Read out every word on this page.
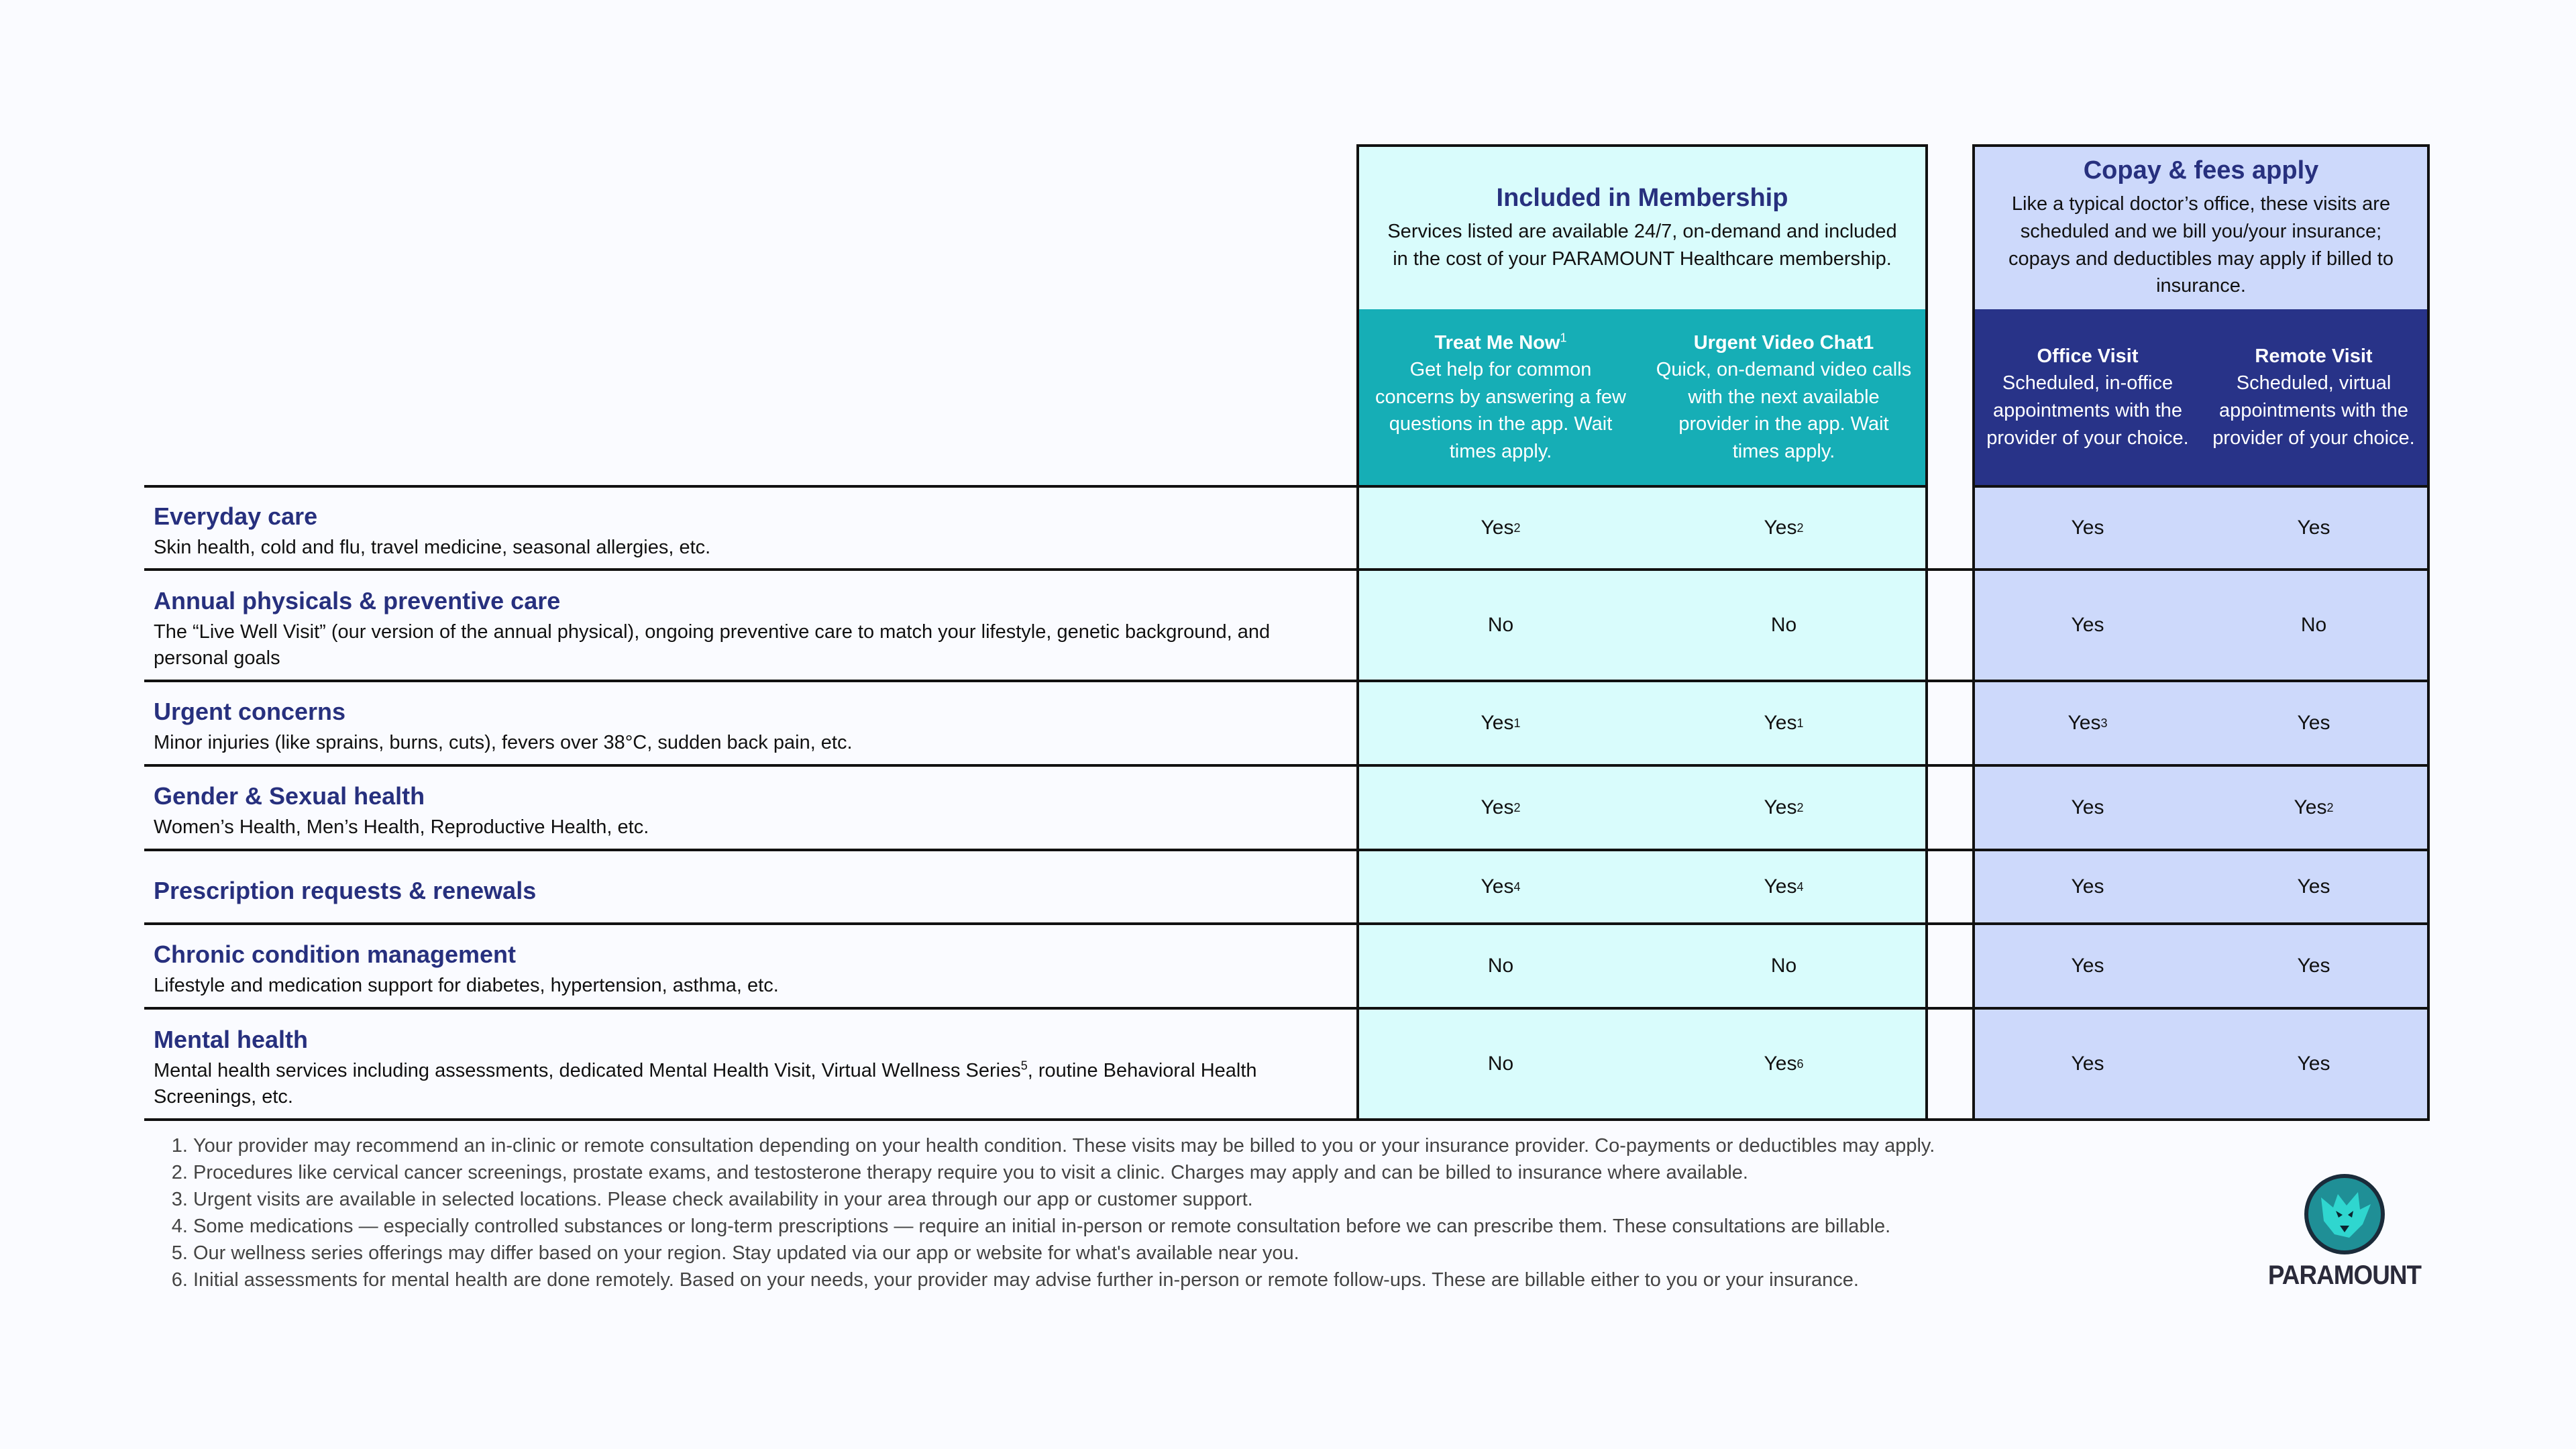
Included in Membership
Services listed are available 24/7, on-demand and included in the cost of your PARAMOUNT Healthcare membership.
Copay & fees apply
Like a typical doctor’s office, these visits are scheduled and we bill you/your insurance; copays and deductibles may apply if billed to insurance.
Treat Me Now$^1$
Get help for common concerns by answering a few questions in the app. Wait times apply.
Urgent Video Chat1
Quick, on-demand video calls with the next available provider in the app. Wait times apply.
Office Visit
Scheduled, in-office appointments with the provider of your choice.
Remote Visit
Scheduled, virtual appointments with the provider of your choice.
Everyday care
Skin health, cold and flu, travel medicine, seasonal allergies, etc.
Yes 2	Yes 2	Yes	Yes
Annual physicals & preventive care
The “Live Well Visit” (our version of the annual physical), ongoing preventive care to match your lifestyle, genetic background, and personal goals
No	No	Yes	No
Urgent concerns
Minor injuries (like sprains, burns, cuts), fevers over 38°C, sudden back pain, etc.
Yes 1	Yes 1	Yes 3	Yes
Gender & Sexual health
Women’s Health, Men’s Health, Reproductive Health, etc.
Yes 2	Yes 2	Yes	Yes 2
Prescription requests & renewals	Yes 4	Yes 4	Yes	Yes
Chronic condition management
Lifestyle and medication support for diabetes, hypertension, asthma, etc.
No	No	Yes	Yes
Mental health
Mental health services including assessments, dedicated Mental Health Visit, Virtual Wellness Series$^5$, routine Behavioral Health Screenings, etc.
No	Yes 6	Yes	Yes
1. Your provider may recommend an in-clinic or remote consultation depending on your health condition. These visits may be billed to you or your insurance provider. Co-payments or deductibles may apply.
2. Procedures like cervical cancer screenings, prostate exams, and testosterone therapy require you to visit a clinic. Charges may apply and can be billed to insurance where available.
3. Urgent visits are available in selected locations. Please check availability in your area through our app or customer support.
4. Some medications — especially controlled substances or long-term prescriptions — require an initial in-person or remote consultation before we can prescribe them. These consultations are billable.
5. Our wellness series offerings may differ based on your region. Stay updated via our app or website for what's available near you.
6. Initial assessments for mental health are done remotely. Based on your needs, your provider may advise further in-person or remote follow-ups. These are billable either to you or your insurance.	PARAMOUNT
